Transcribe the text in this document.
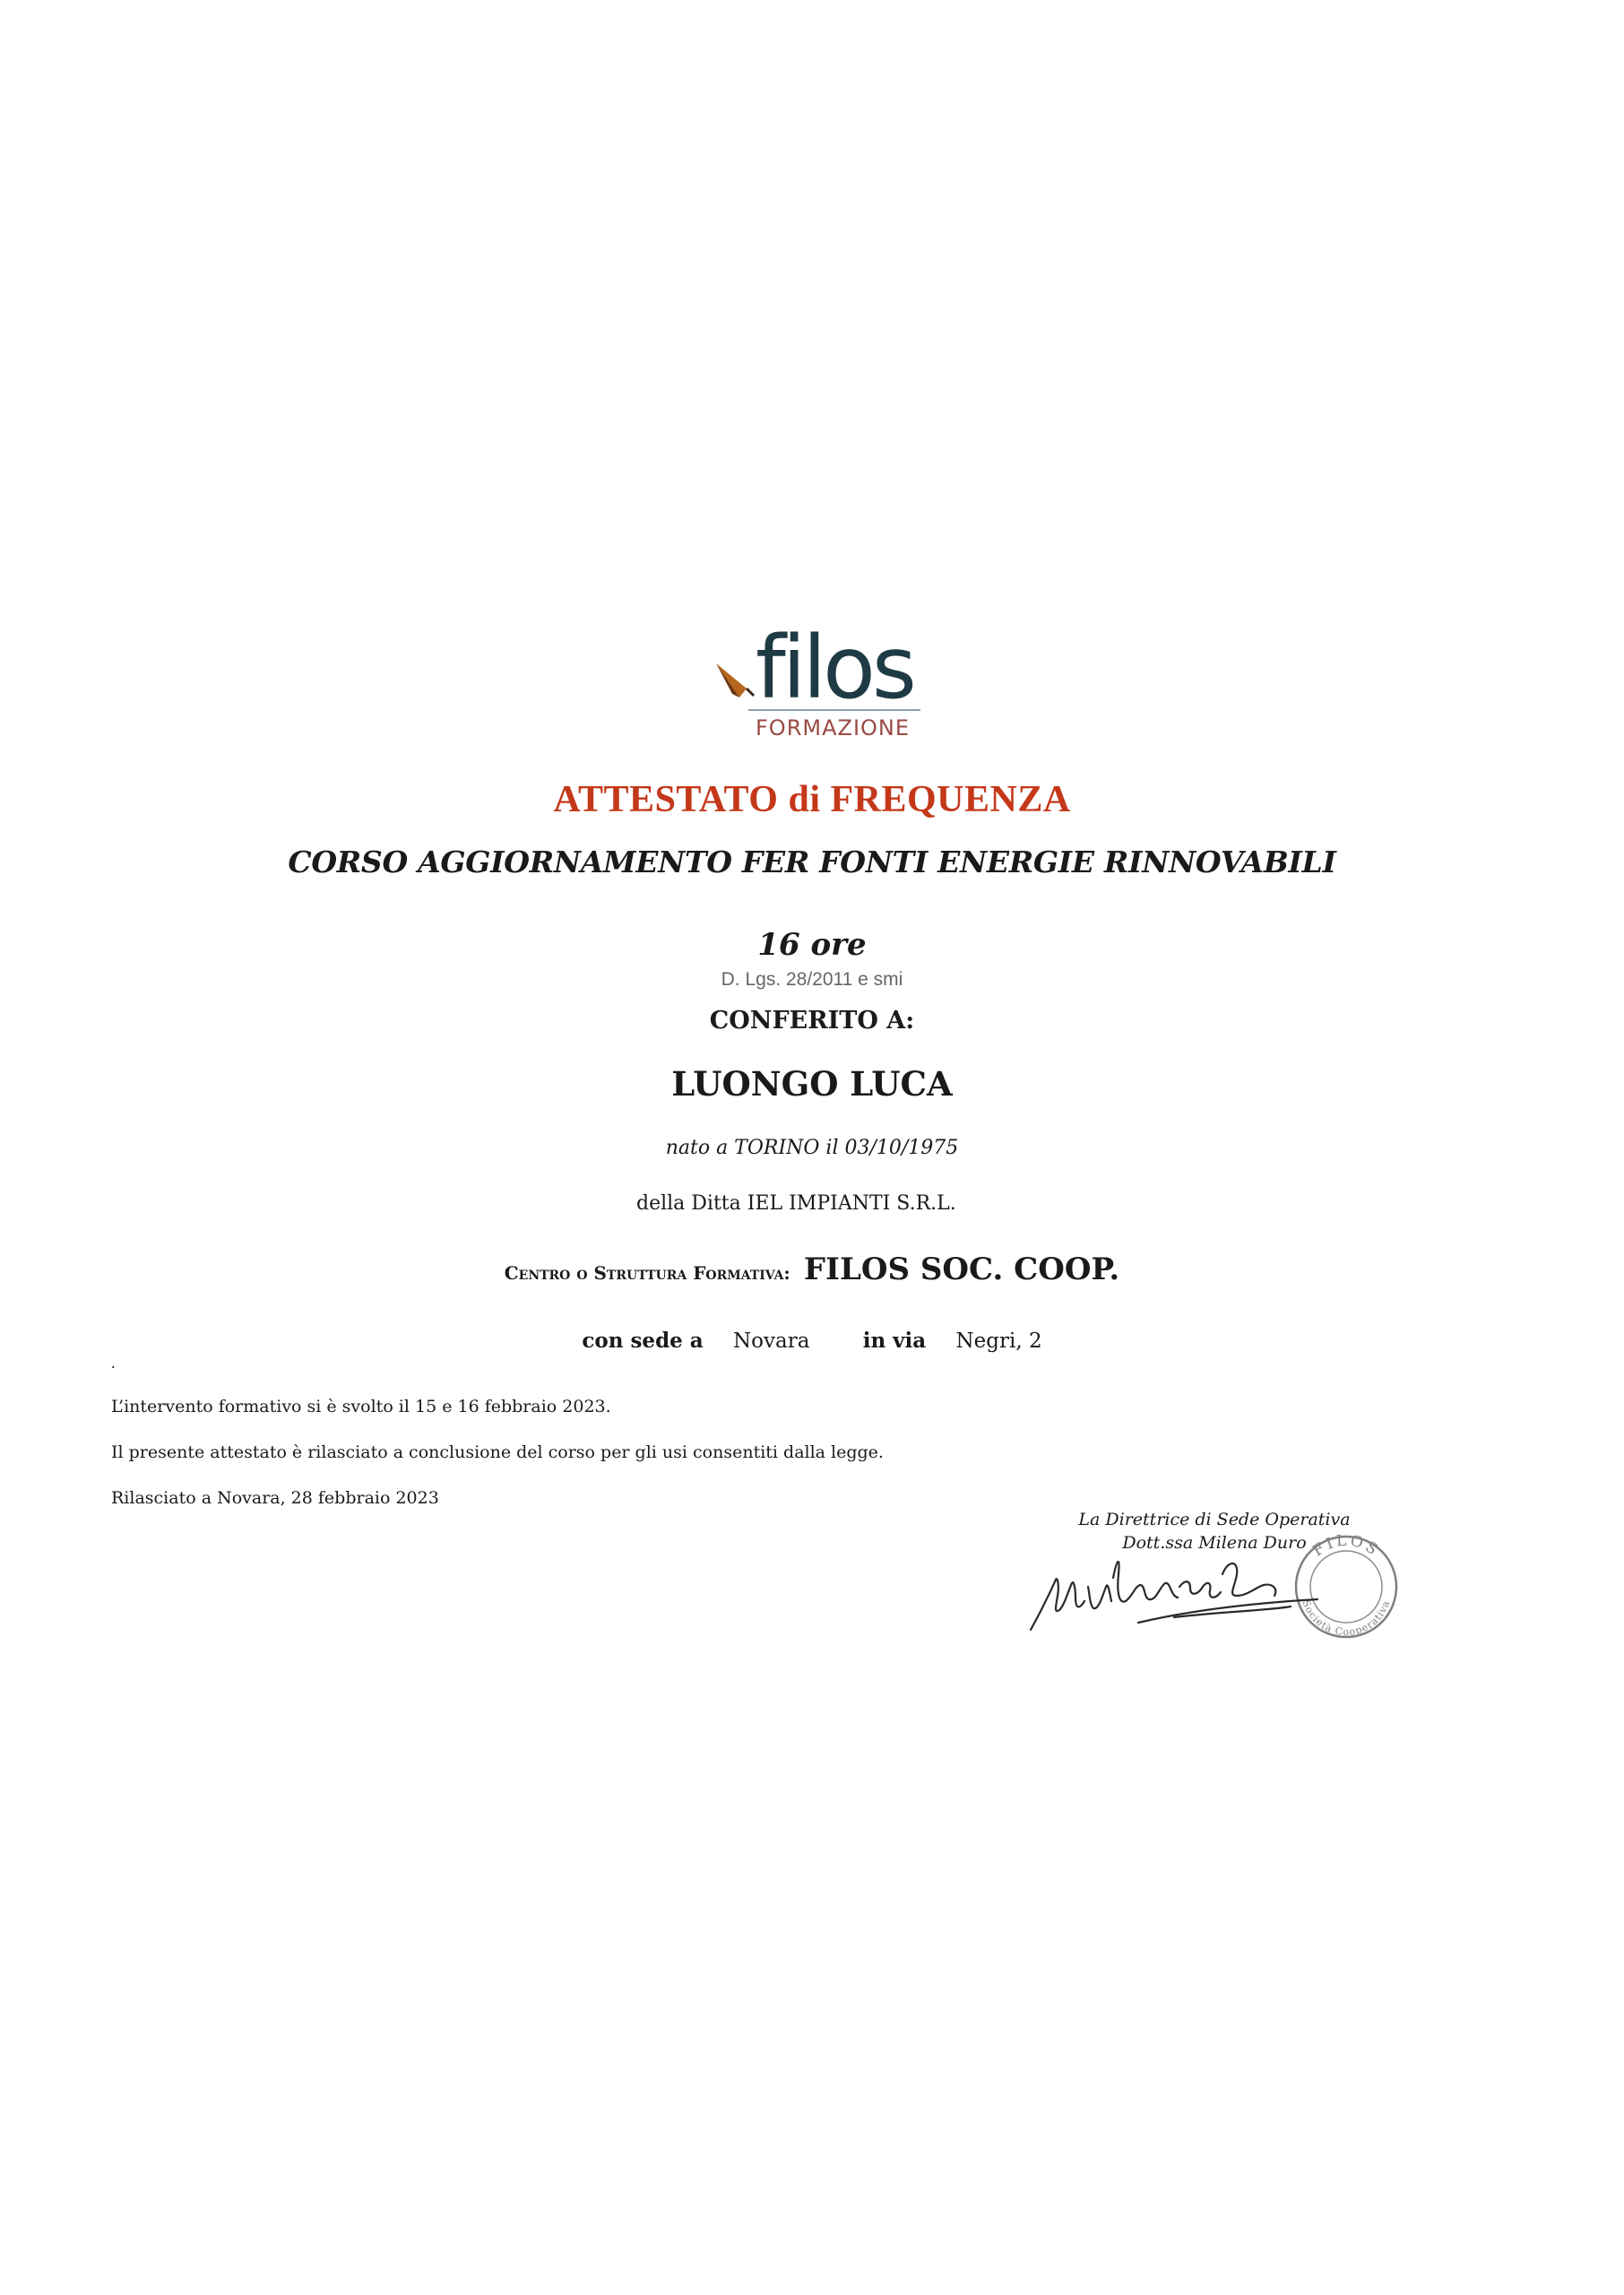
filos
FORMAZIONE
ATTESTATO di FREQUENZA
CORSO AGGIORNAMENTO FER FONTI ENERGIE RINNOVABILI
16 ore
D. Lgs. 28/2011 e smi
CONFERITO A:
LUONGO LUCA
nato a TORINO il 03/10/1975
della Ditta IEL IMPIANTI S.R.L.
Centro o Struttura Formativa: FILOS SOC. COOP.
con sede a Novara	in via Negri, 2
.
L’intervento formativo si è svolto il 15 e 16 febbraio 2023.
Il presente attestato è rilasciato a conclusione del corso per gli usi consentiti dalla legge.
Rilasciato a Novara, 28 febbraio 2023
FILOS
Società Cooperativa
La Direttrice di Sede Operativa
Dott.ssa Milena Duro
